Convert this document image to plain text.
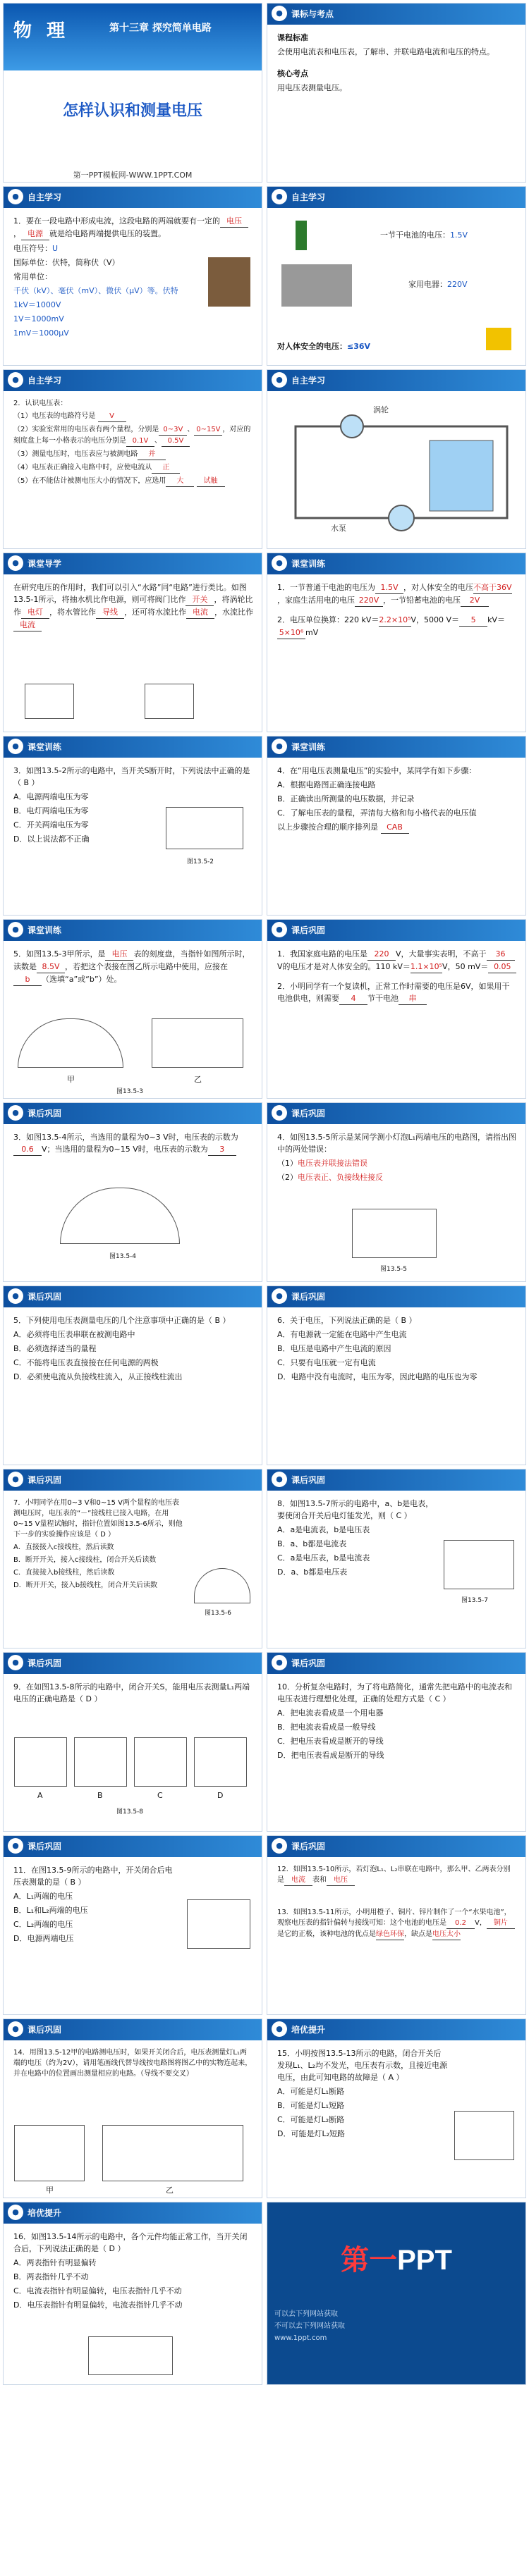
物 理	第十三章 探究简单电路
怎样认识和测量电压
第一PPT模板网-WWW.1PPT.COM
●	课标与考点

课程标准

会使用电流表和电压表，了解串、并联电路电流和电压的特点。

核心考点

用电压表测量电压。

●	自主学习

1．要在一段电路中形成电流，这段电路的两端就要有一定的 电压， 电源 就是给电路两端提供电压的装置。

电压符号：U

国际单位：伏特，简称伏（V）

常用单位：

千伏（kV）、毫伏（mV）、微伏（μV）等。伏特

1kV＝1000V

1V＝1000mV

1mV＝1000μV

●	自主学习
一节干电池的电压：1.5V
家用电器：220V
对人体安全的电压：≤36V
●	自主学习

2．认识电压表：

（1）电压表的电路符号是 V

（2）实验室常用的电压表有两个量程，分别是 0~3V 、 0~15V ，对应的刻度盘上每一小格表示的电压分别是 0.1V 、 0.5V

（3）测量电压时，电压表应与被测电路 并

（4）电压表正确接入电路中时，应使电流从 正

（5）在不能估计被测电压大小的情况下，应选用 大	试触

●	自主学习
水泵
涡轮
●	课堂导学

在研究电压的作用时，我们可以引入“水路”同“电路”进行类比。如图13.5-1所示，将抽水机比作电源，则可将阀门比作 开关 ，将涡轮比作 电灯 ，将水管比作 导线 ，还可将水流比作 电流 ，水流比作电流

●	课堂训练

1．一节普通干电池的电压为 1.5V ，对人体安全的电压不高于36V，家庭生活用电的电压 220V ，一节铅蓄电池的电压 2V

2．电压单位换算：220 kV＝2.2×10⁵V，5000 V＝ 5 kV＝5×10⁶ mV

●	课堂训练

3．如图13.5-2所示的电路中，当开关S断开时，下列说法中正确的是（ B ）

A．电源两端电压为零

B．电灯两端电压为零

C．开关两端电压为零

D．以上说法都不正确

图13.5-2
●	课堂训练

4．在“用电压表测量电压”的实验中，某同学有如下步骤：

A．根据电路图正确连接电路

B．正确读出所测量的电压数据，并记录

C．了解电压表的量程，弄清每大格和每小格代表的电压值

以上步骤按合理的顺序排列是 CAB

●	课堂训练

5．如图13.5-3甲所示，是 电压 表的刻度盘，当指针如图所示时，读数是 8.5V ，若把这个表接在图乙所示电路中使用，应接在b （选填“a”或“b”）处。

甲	乙
图13.5-3
●	课后巩固

1．我国家庭电路的电压是 220 V，大量事实表明，不高于 36V的电压才是对人体安全的。110 kV＝1.1×10⁵V，50 mV＝ 0.05

2．小明同学有一个复读机，正常工作时需要的电压是6V，如果用干电池供电，则需要 4 节干电池 串

●	课后巩固

3．如图13.5-4所示，当选用的量程为0~3 V时，电压表的示数为0.6 V；当选用的量程为0~15 V时，电压表的示数为 3

图13.5-4
●	课后巩固

4．如图13.5-5所示是某同学测小灯泡L₁两端电压的电路图，请指出图中的两处错误：

（1）电压表并联接法错误

（2）电压表正、负接线柱接反

图13.5-5
●	课后巩固

5．下列使用电压表测量电压的几个注意事项中正确的是（ B ）

A．必须将电压表串联在被测电路中

B．必须选择适当的量程

C．不能将电压表直接接在任何电源的两极

D．必须使电流从负接线柱流入，从正接线柱流出

●	课后巩固

6．关于电压，下列说法正确的是（ B ）

A．有电源就一定能在电路中产生电流

B．电压是电路中产生电流的原因

C．只要有电压就一定有电流

D．电路中没有电流时，电压为零，因此电路的电压也为零

●	课后巩固

7．小明同学在用0~3 V和0~15 V两个量程的电压表测电压时，电压表的“－”接线柱已接入电路，在用0~15 V量程试触时，指针位置如图13.5-6所示，则他下一步的实验操作应该是（ D ）

A．直接接入c接线柱，然后读数

B．断开开关，接入c接线柱，闭合开关后读数

C．直接接入b接线柱，然后读数

D．断开开关，接入b接线柱，闭合开关后读数

图13.5-6
●	课后巩固

8．如图13.5-7所示的电路中，a、b是电表，要使闭合开关后电灯能发光，则（ C ）

A．a是电流表，b是电压表

B．a、b都是电流表

C．a是电压表，b是电流表

D．a、b都是电压表

图13.5-7
●	课后巩固

9．在如图13.5-8所示的电路中，闭合开关S，能用电压表测量L₁两端电压的正确电路是（ D ）

A	B	C	D
图13.5-8
●	课后巩固

10．分析复杂电路时，为了将电路简化，通常先把电路中的电流表和电压表进行理想化处理，正确的处理方式是（ C ）

A．把电流表看成是一个用电器

B．把电流表看成是一般导线

C．把电压表看成是断开的导线

D．把电压表看成是断开的导线

●	课后巩固

11．在图13.5-9所示的电路中，开关闭合后电压表测量的是（ B ）

A．L₁两端的电压

B．L₁和L₂两端的电压

C．L₂两端的电压

D．电源两端电压

●	课后巩固

12．如图13.5-10所示，若灯泡L₁、L₂串联在电路中，那么甲、乙两表分别是 电流 表和 电压

13．如图13.5-11所示，小明用橙子、铜片、锌片制作了一个“水果电池”，观察电压表的指针偏转与接线可知：这个电池的电压是 0.2 V， 铜片是它的正极，该种电池的优点是绿色环保，缺点是电压太小

●	课后巩固

14．用图13.5-12甲的电路测电压时，如果开关闭合后，电压表测量灯L₁两端的电压（约为2V），请用笔画线代替导线按电路图将图乙中的实物连起来，并在电路中的位置画出测量相应的电路。（导线不要交叉）

甲	乙
●	培优提升

15．小明按图13.5-13所示的电路，闭合开关后发现L₁、L₂均不发光，电压表有示数，且接近电源电压，由此可知电路的故障是（ A ）

A．可能是灯L₁断路

B．可能是灯L₁短路

C．可能是灯L₂断路

D．可能是灯L₂短路

●	培优提升

16．如图13.5-14所示的电路中，各个元件均能正常工作，当开关闭合后，下列说法正确的是（ D ）

A．两表指针有明显偏转

B．两表指针几乎不动

C．电流表指针有明显偏转，电压表指针几乎不动

D．电压表指针有明显偏转，电流表指针几乎不动

第一PPT
可以去下列网站获取
不可以去下列网站获取
www.1ppt.com
